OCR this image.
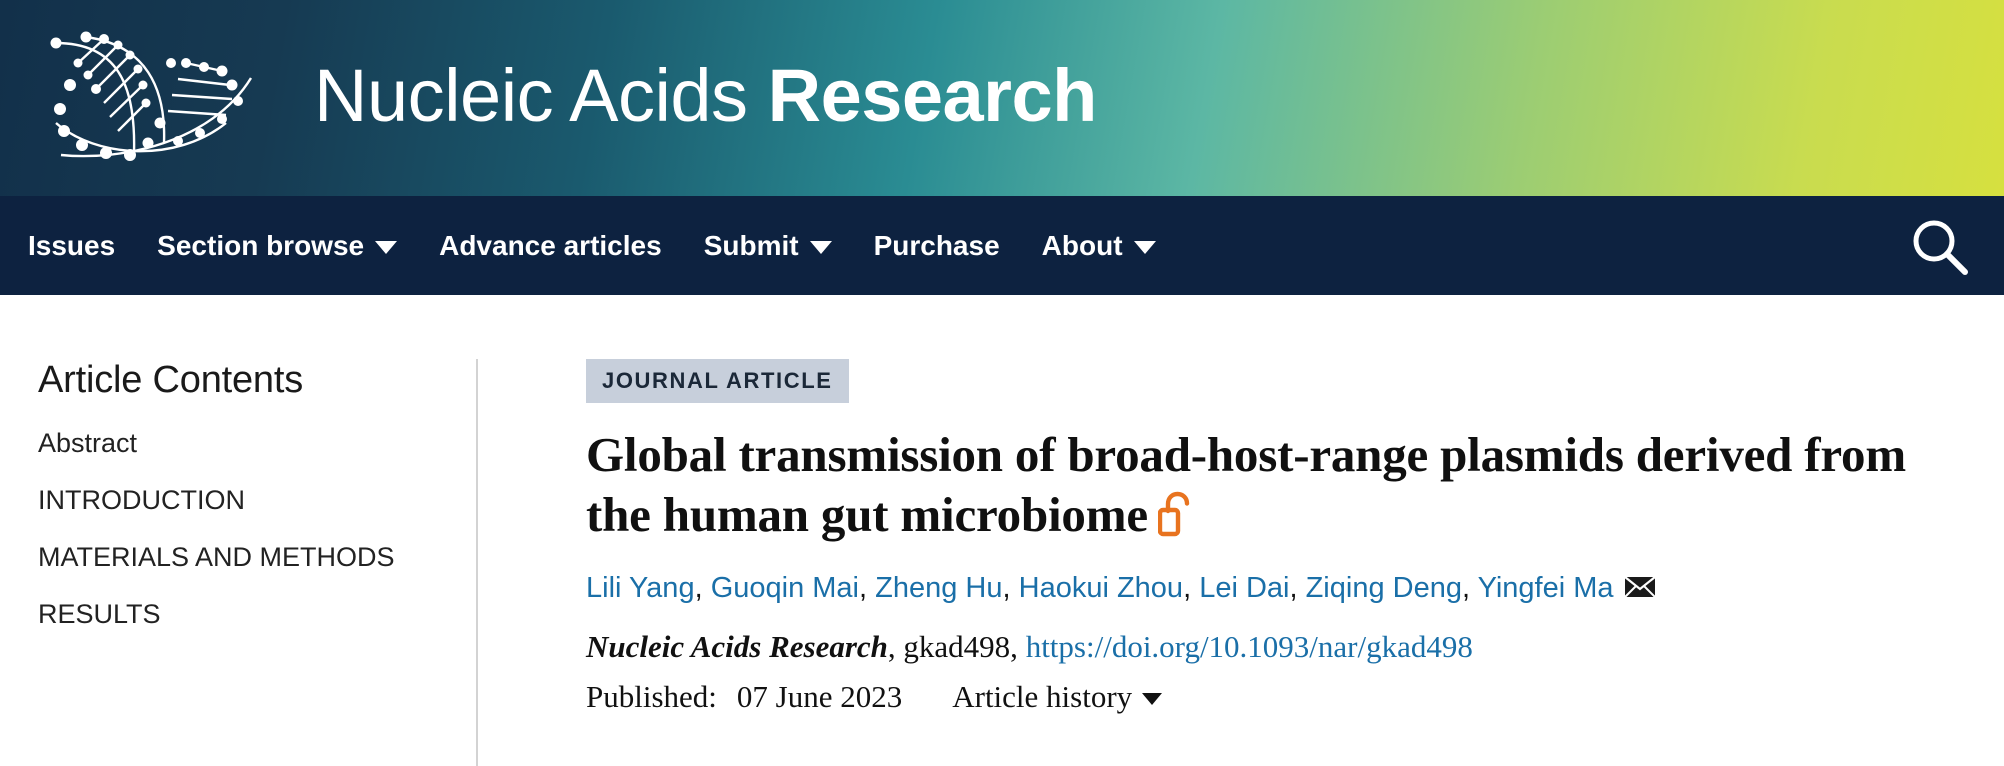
Nucleic Acids Research
Issues Section browse	Advance articles Submit	Purchase About
Article Contents
Abstract
INTRODUCTION
MATERIALS AND METHODS
RESULTS
JOURNAL ARTICLE
Global transmission of broad-host-range plasmids derived from the human gut microbiome
Lili Yang, Guoqin Mai, Zheng Hu, Haokui Zhou, Lei Dai, Ziqing Deng, Yingfei Ma
Nucleic Acids Research, gkad498, https://doi.org/10.1093/nar/gkad498
Published: 07 June 2023 Article history
